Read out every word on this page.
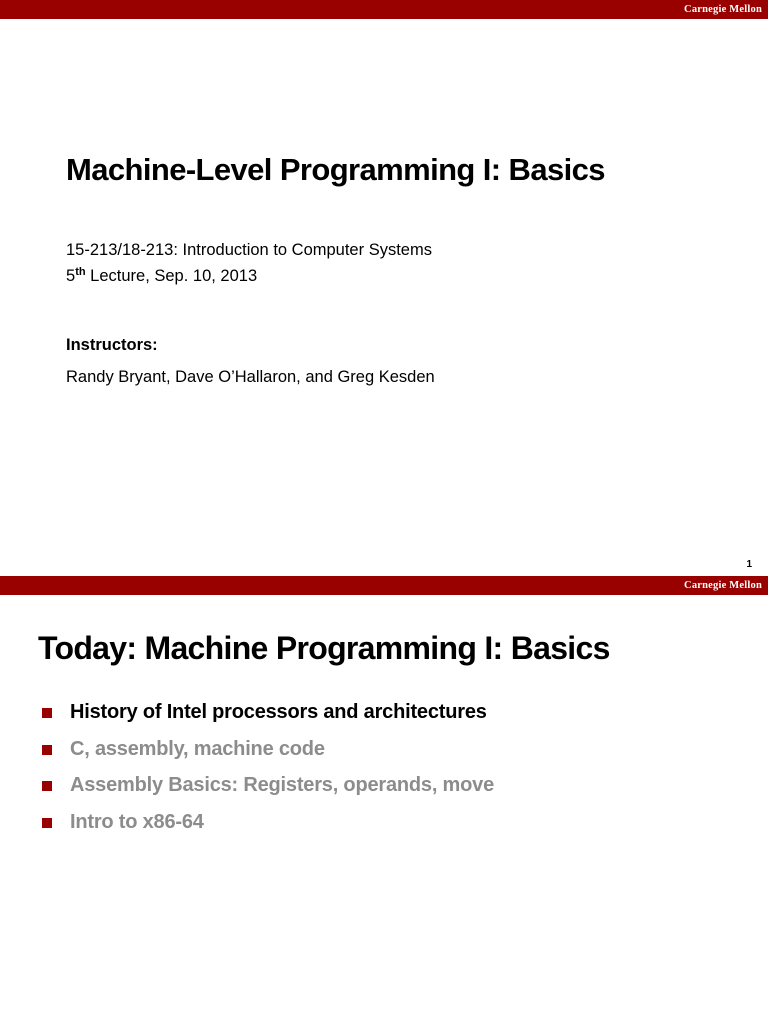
Carnegie Mellon
Machine-Level Programming I: Basics
15-213/18-213: Introduction to Computer Systems
5th Lecture, Sep. 10, 2013
Instructors:
Randy Bryant, Dave O’Hallaron, and Greg Kesden
1
Carnegie Mellon
Today: Machine Programming I: Basics
History of Intel processors and architectures
C, assembly, machine code
Assembly Basics: Registers, operands, move
Intro to x86-64
